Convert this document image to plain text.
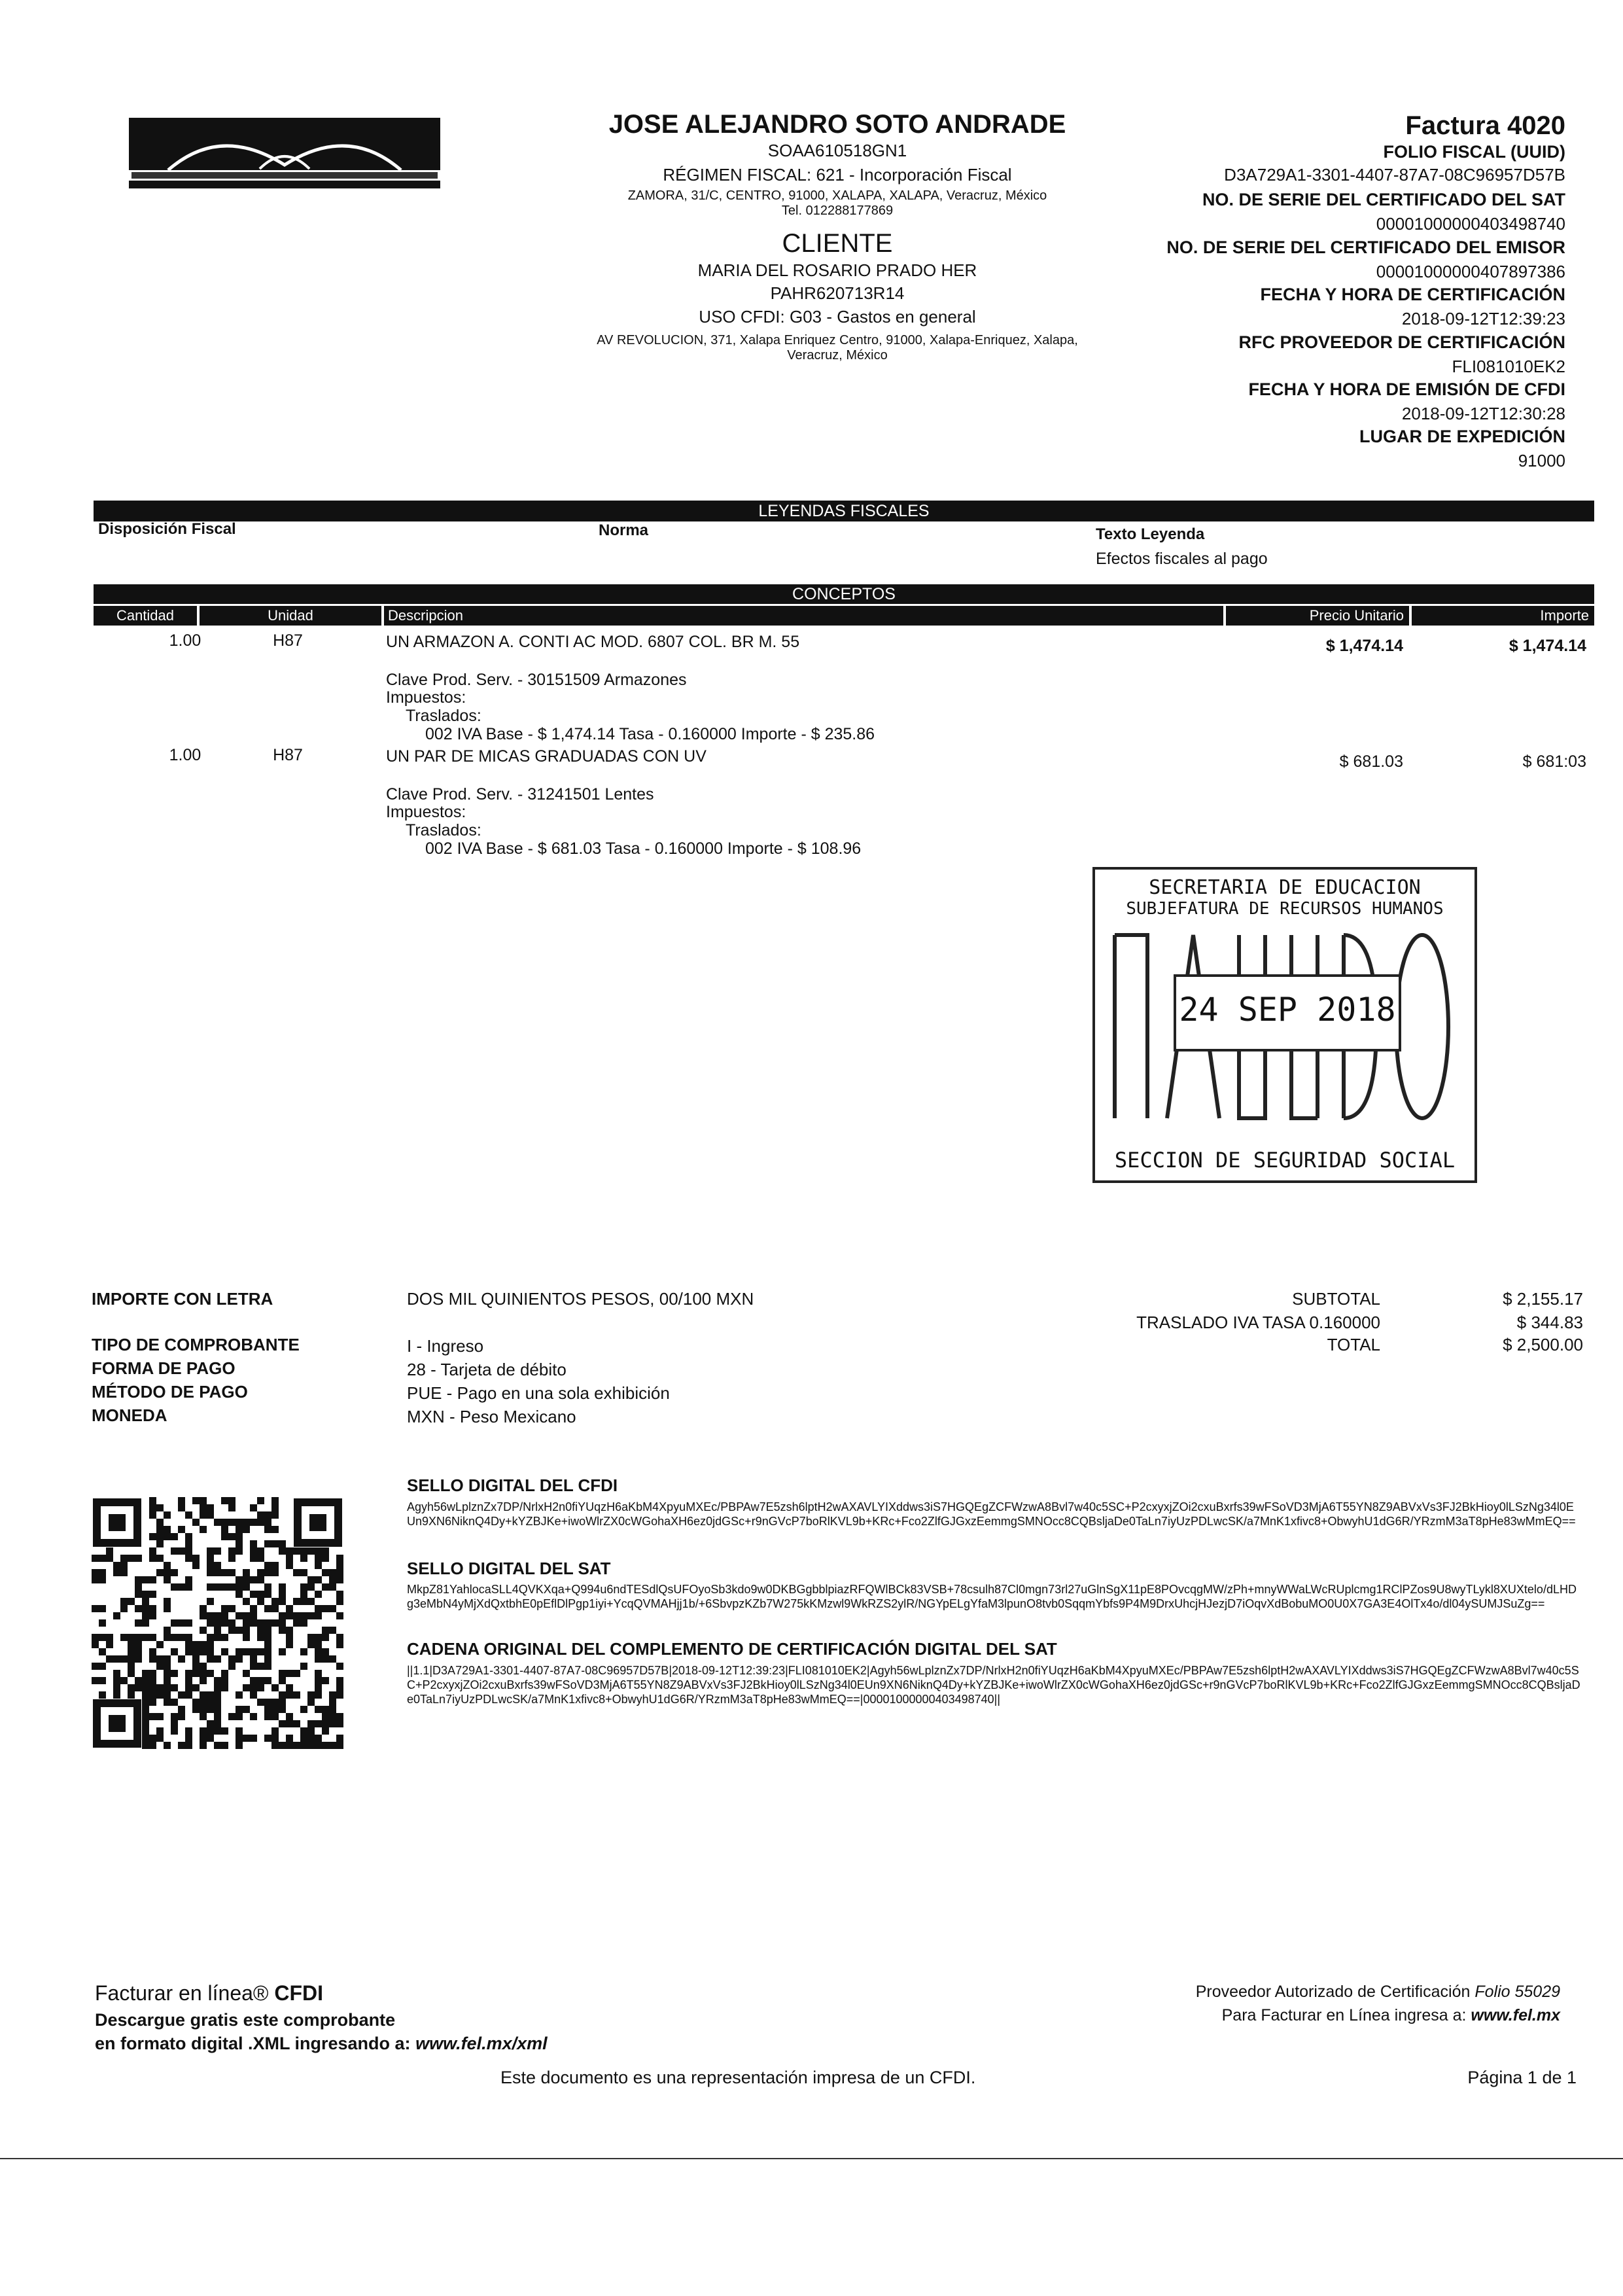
JOSE ALEJANDRO SOTO ANDRADE
SOAA610518GN1
RÉGIMEN FISCAL: 621 - Incorporación Fiscal
ZAMORA, 31/C, CENTRO, 91000, XALAPA, XALAPA, Veracruz, México
Tel. 012288177869
CLIENTE
MARIA DEL ROSARIO PRADO HER
PAHR620713R14
USO CFDI: G03 - Gastos en general
AV REVOLUCION, 371, Xalapa Enriquez Centro, 91000, Xalapa-Enriquez, Xalapa,
Veracruz, México
Factura 4020
FOLIO FISCAL (UUID)
D3A729A1-3301-4407-87A7-08C96957D57B
NO. DE SERIE DEL CERTIFICADO DEL SAT
00001000000403498740
NO. DE SERIE DEL CERTIFICADO DEL EMISOR
00001000000407897386
FECHA Y HORA DE CERTIFICACIÓN
2018-09-12T12:39:23
RFC PROVEEDOR DE CERTIFICACIÓN
FLI081010EK2
FECHA Y HORA DE EMISIÓN DE CFDI
2018-09-12T12:30:28
LUGAR DE EXPEDICIÓN
91000
LEYENDAS FISCALES
Disposición Fiscal	Norma	Texto Leyenda
Efectos fiscales al pago
CONCEPTOS
Cantidad	Unidad	Descripcion	Precio Unitario	Importe
1.00	H87	UN ARMAZON A. CONTI AC MOD. 6807 COL. BR M. 55	$ 1,474.14	$ 1,474.14
Clave Prod. Serv. - 30151509 Armazones
Impuestos:
Traslados:
002 IVA Base - $ 1,474.14 Tasa - 0.160000 Importe - $ 235.86
1.00	H87	UN PAR DE MICAS GRADUADAS CON UV	$ 681.03	$ 681:03
Clave Prod. Serv. - 31241501 Lentes
Impuestos:
Traslados:
002 IVA Base - $ 681.03 Tasa - 0.160000 Importe - $ 108.96
SECRETARIA DE EDUCACION
SUBJEFATURA DE RECURSOS HUMANOS
24 SEP 2018
SECCION DE SEGURIDAD SOCIAL
IMPORTE CON LETRA	DOS MIL QUINIENTOS PESOS, 00/100 MXN
TIPO DE COMPROBANTE	I - Ingreso
FORMA DE PAGO	28 - Tarjeta de débito
MÉTODO DE PAGO	PUE - Pago en una sola exhibición
MONEDA	MXN - Peso Mexicano
SUBTOTAL	$ 2,155.17
TRASLADO IVA TASA 0.160000	$ 344.83
TOTAL	$ 2,500.00
SELLO DIGITAL DEL CFDI
Agyh56wLplznZx7DP/NrlxH2n0fiYUqzH6aKbM4XpyuMXEc/PBPAw7E5zsh6lptH2wAXAVLYIXddws3iS7HGQEgZCFWzwA8Bvl7w40c5SC+P2cxyxjZOi2cxuBxrfs39wFSoVD3MjA6T55YN8Z9ABVxVs3FJ2BkHioy0lLSzNg34l0EUn9XN6NiknQ4Dy+kYZBJKe+iwoWlrZX0cWGohaXH6ez0jdGSc+r9nGVcP7boRlKVL9b+KRc+Fco2ZlfGJGxzEemmgSMNOcc8CQBsljaDe0TaLn7iyUzPDLwcSK/a7MnK1xfivc8+ObwyhU1dG6R/YRzmM3aT8pHe83wMmEQ==
SELLO DIGITAL DEL SAT
MkpZ81YahlocaSLL4QVKXqa+Q994u6ndTESdlQsUFOyoSb3kdo9w0DKBGgbblpiazRFQWlBCk83VSB+78csulh87Cl0mgn73rl27uGlnSgX11pE8POvcqgMW/zPh+mnyWWaLWcRUplcmg1RClPZos9U8wyTLykl8XUXtelo/dLHDg3eMbN4yMjXdQxtbhE0pEflDlPgp1iyi+YcqQVMAHjj1b/+6SbvpzKZb7W275kKMzwl9WkRZS2ylR/NGYpELgYfaM3lpunO8tvb0SqqmYbfs9P4M9DrxUhcjHJezjD7iOqvXdBobuMO0U0X7GA3E4OlTx4o/dl04ySUMJSuZg==
CADENA ORIGINAL DEL COMPLEMENTO DE CERTIFICACIÓN DIGITAL DEL SAT
||1.1|D3A729A1-3301-4407-87A7-08C96957D57B|2018-09-12T12:39:23|FLI081010EK2|Agyh56wLplznZx7DP/NrlxH2n0fiYUqzH6aKbM4XpyuMXEc/PBPAw7E5zsh6lptH2wAXAVLYIXddws3iS7HGQEgZCFWzwA8Bvl7w40c5SC+P2cxyxjZOi2cxuBxrfs39wFSoVD3MjA6T55YN8Z9ABVxVs3FJ2BkHioy0lLSzNg34l0EUn9XN6NiknQ4Dy+kYZBJKe+iwoWlrZX0cWGohaXH6ez0jdGSc+r9nGVcP7boRlKVL9b+KRc+Fco2ZlfGJGxzEemmgSMNOcc8CQBsljaDe0TaLn7iyUzPDLwcSK/a7MnK1xfivc8+ObwyhU1dG6R/YRzmM3aT8pHe83wMmEQ==|00001000000403498740||
Facturar en línea® CFDI
Descargue gratis este comprobante
en formato digital .XML ingresando a: www.fel.mx/xml
Proveedor Autorizado de Certificación Folio 55029
Para Facturar en Línea ingresa a: www.fel.mx
Este documento es una representación impresa de un CFDI.	Página 1 de 1
